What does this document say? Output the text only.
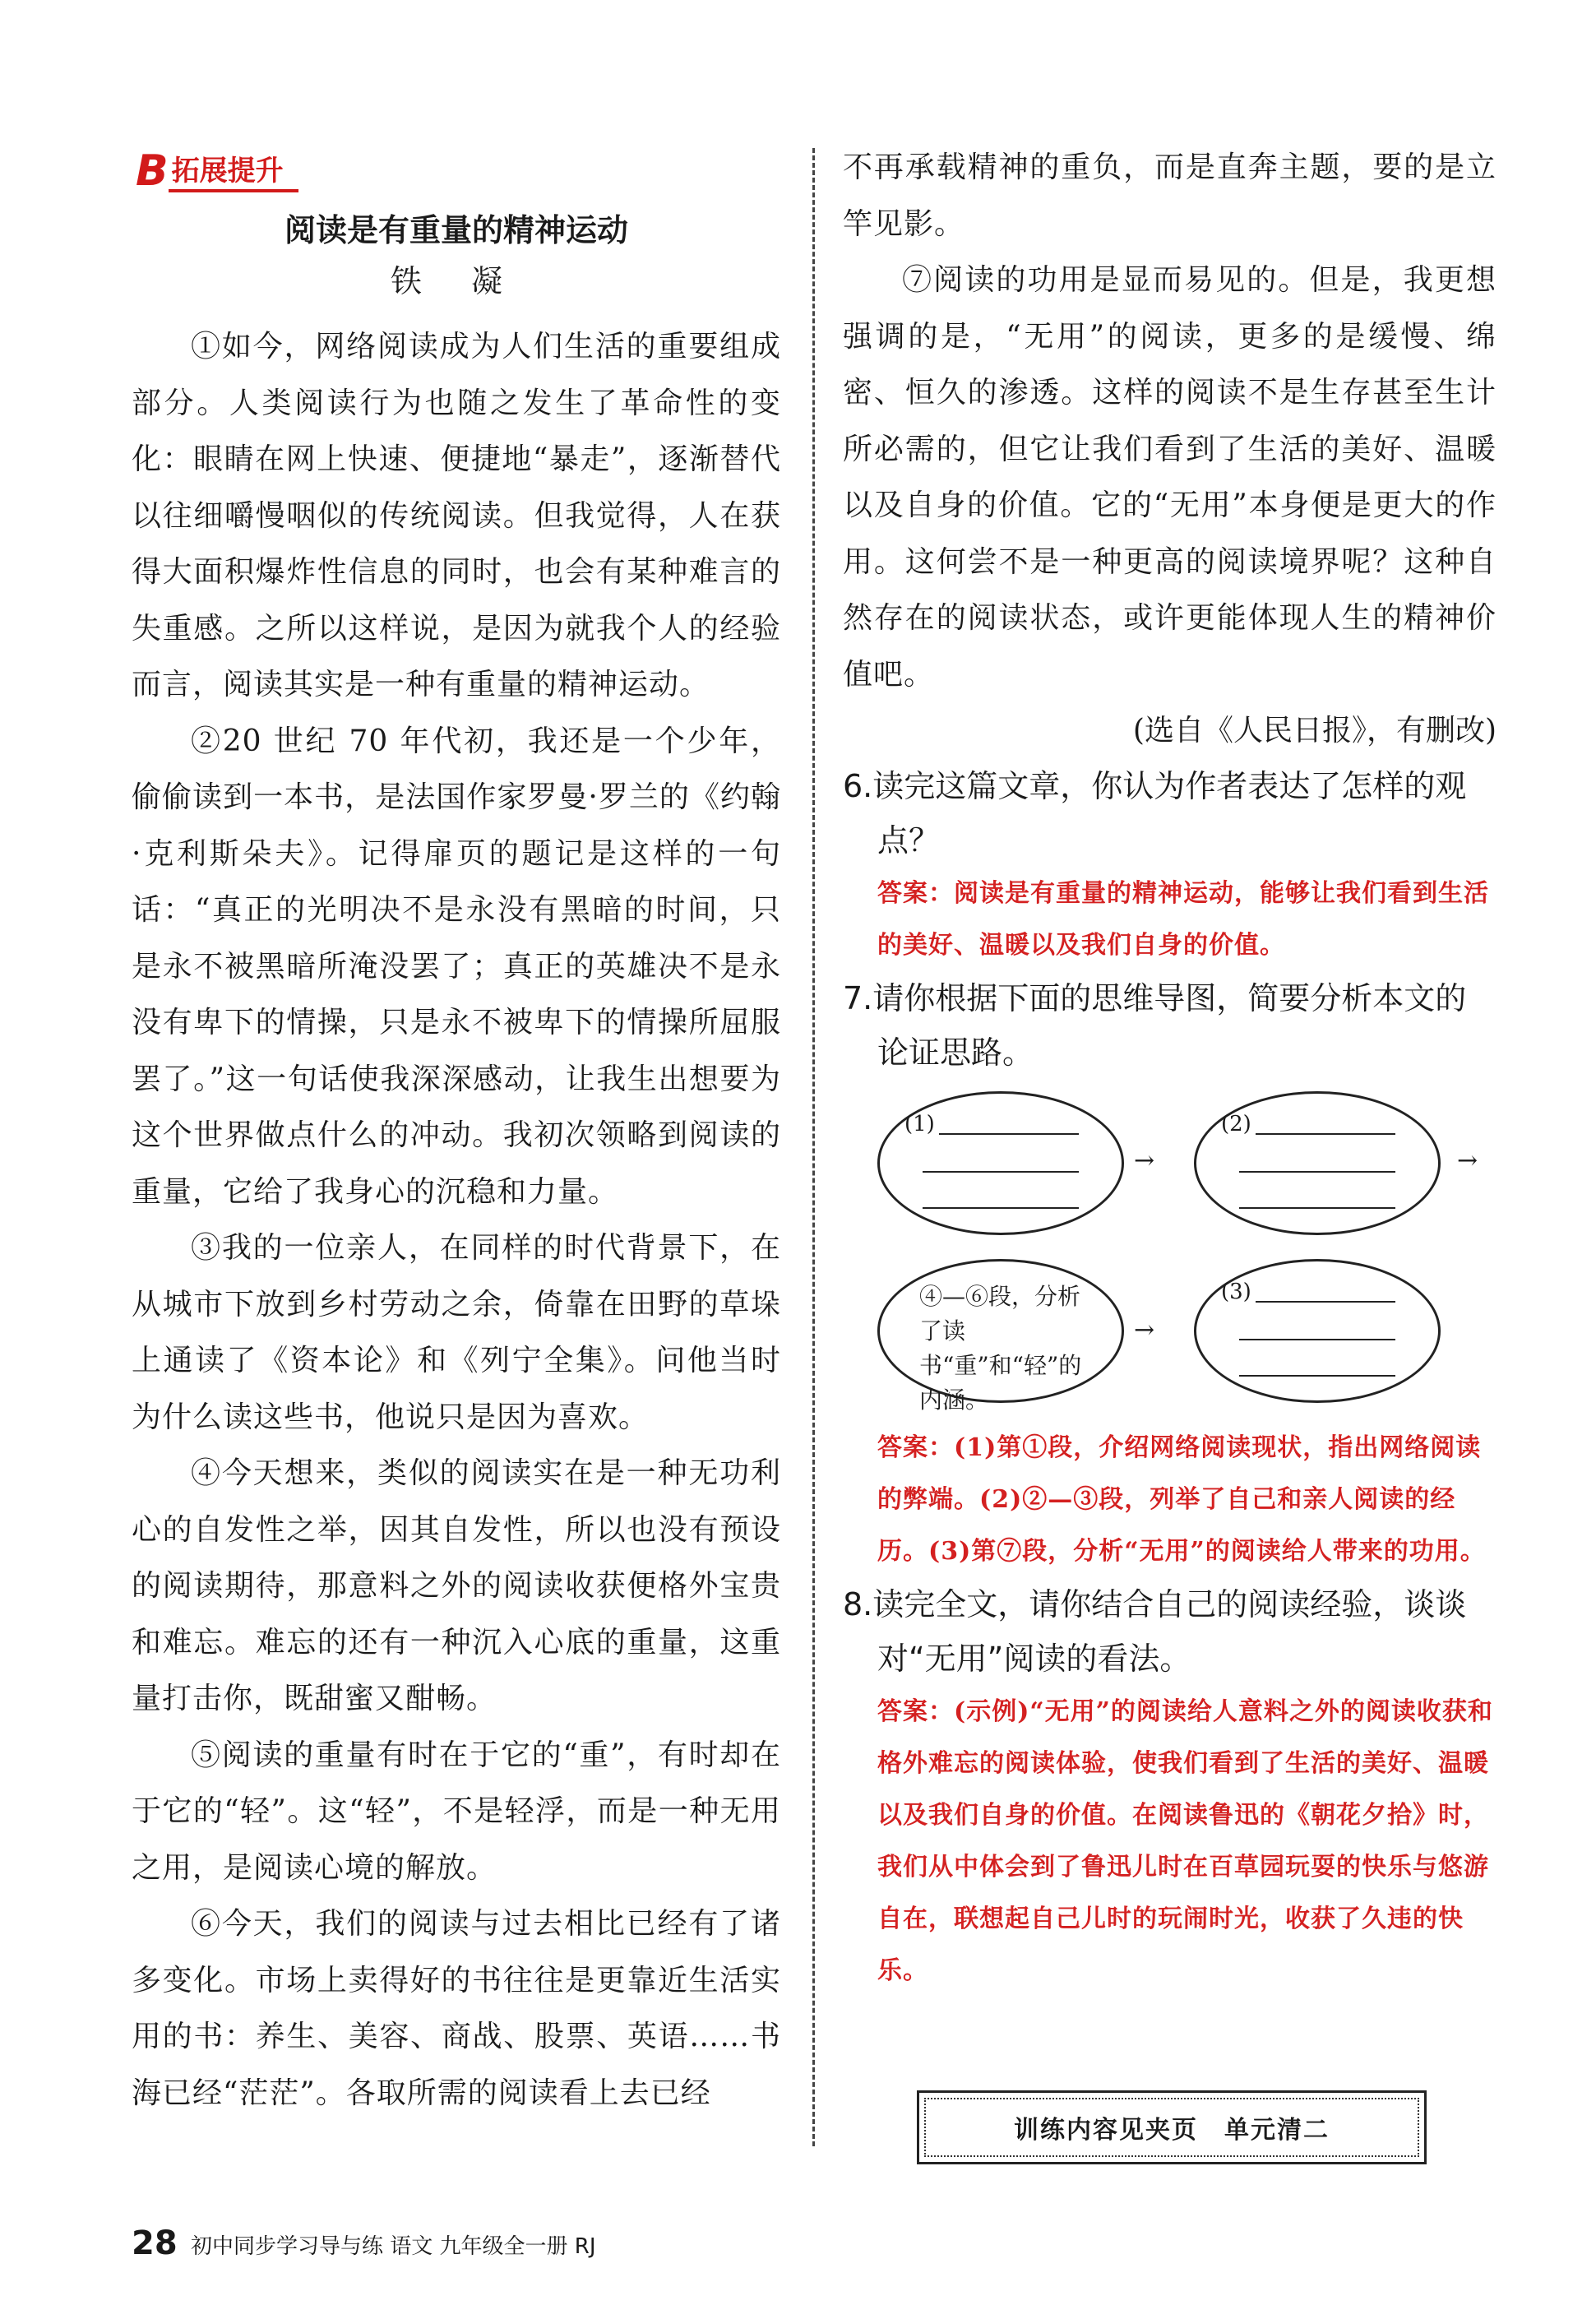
B 拓展提升
阅读是有重量的精神运动
铁 凝

①如今，网络阅读成为人们生活的重要组成部分。人类阅读行为也随之发生了革命性的变化：眼睛在网上快速、便捷地“暴走”，逐渐替代以往细嚼慢咽似的传统阅读。但我觉得，人在获得大面积爆炸性信息的同时，也会有某种难言的失重感。之所以这样说，是因为就我个人的经验而言，阅读其实是一种有重量的精神运动。

②20 世纪 70 年代初，我还是一个少年，偷偷读到一本书，是法国作家罗曼·罗兰的《约翰·克利斯朵夫》。记得扉页的题记是这样的一句话：“真正的光明决不是永没有黑暗的时间，只是永不被黑暗所淹没罢了；真正的英雄决不是永没有卑下的情操，只是永不被卑下的情操所屈服罢了。”这一句话使我深深感动，让我生出想要为这个世界做点什么的冲动。我初次领略到阅读的重量，它给了我身心的沉稳和力量。

③我的一位亲人，在同样的时代背景下，在从城市下放到乡村劳动之余，倚靠在田野的草垛上通读了《资本论》和《列宁全集》。问他当时为什么读这些书，他说只是因为喜欢。

④今天想来，类似的阅读实在是一种无功利心的自发性之举，因其自发性，所以也没有预设的阅读期待，那意料之外的阅读收获便格外宝贵和难忘。难忘的还有一种沉入心底的重量，这重量打击你，既甜蜜又酣畅。

⑤阅读的重量有时在于它的“重”，有时却在于它的“轻”。这“轻”，不是轻浮，而是一种无用之用，是阅读心境的解放。

⑥今天，我们的阅读与过去相比已经有了诸多变化。市场上卖得好的书往往是更靠近生活实用的书：养生、美容、商战、股票、英语……书海已经“茫茫”。各取所需的阅读看上去已经

不再承载精神的重负，而是直奔主题，要的是立竿见影。

⑦阅读的功用是显而易见的。但是，我更想强调的是，“无用”的阅读，更多的是缓慢、绵密、恒久的渗透。这样的阅读不是生存甚至生计所必需的，但它让我们看到了生活的美好、温暖以及自身的价值。它的“无用”本身便是更大的作用。这何尝不是一种更高的阅读境界呢？这种自然存在的阅读状态，或许更能体现人生的精神价值吧。

(选自《人民日报》，有删改)

6.读完这篇文章，你认为作者表达了怎样的观点？

答案：阅读是有重量的精神运动，能够让我们看到生活的美好、温暖以及我们自身的价值。

7.请你根据下面的思维导图，简要分析本文的论证思路。

(1)
→
(2)
→
④—⑥段，分析了读书“重”和“轻”的内涵。
→
(3)

答案：(1)第①段，介绍网络阅读现状，指出网络阅读的弊端。(2)②—③段，列举了自己和亲人阅读的经历。(3)第⑦段，分析“无用”的阅读给人带来的功用。

8.读完全文，请你结合自己的阅读经验，谈谈对“无用”阅读的看法。

答案：(示例)“无用”的阅读给人意料之外的阅读收获和格外难忘的阅读体验，使我们看到了生活的美好、温暖以及我们自身的价值。在阅读鲁迅的《朝花夕拾》时，我们从中体会到了鲁迅儿时在百草园玩耍的快乐与悠游自在，联想起自己儿时的玩闹时光，收获了久违的快乐。

训练内容见夹页　单元清二
28 初中同步学习导与练 语文 九年级全一册 RJ
